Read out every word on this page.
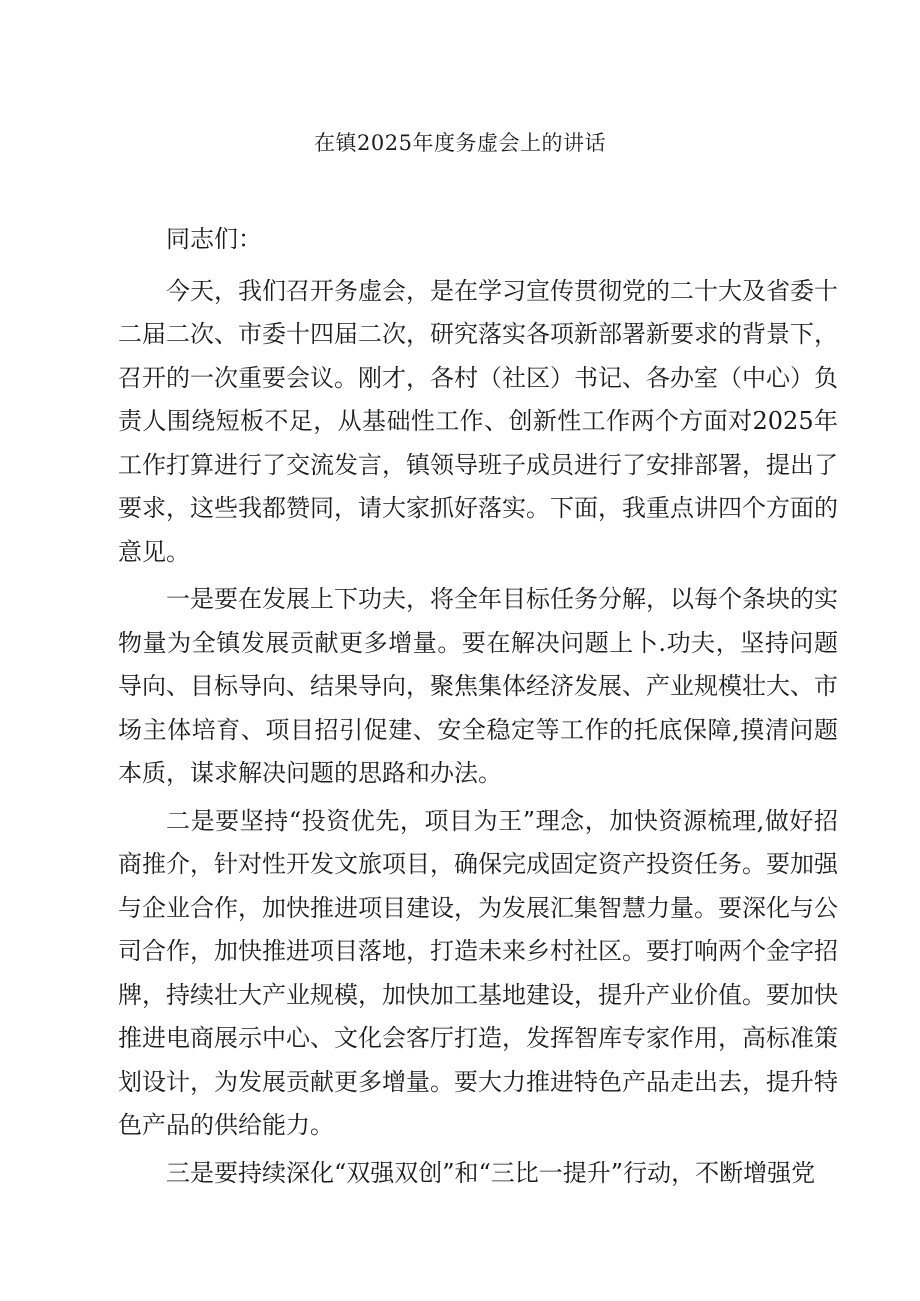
在镇2025年度务虚会上的讲话

同志们：

今天，我们召开务虚会，是在学习宣传贯彻党的二十大及省委十二届二次、市委十四届二次，研究落实各项新部署新要求的背景下，召开的一次重要会议。刚才，各村（社区）书记、各办室（中心）负责人围绕短板不足，从基础性工作、创新性工作两个方面对2025年工作打算进行了交流发言，镇领导班子成员进行了安排部署，提出了要求，这些我都赞同，请大家抓好落实。下面，我重点讲四个方面的意见。

一是要在发展上下功夫，将全年目标任务分解，以每个条块的实物量为全镇发展贡献更多增量。要在解决问题上卜.功夫，坚持问题导向、目标导向、结果导向，聚焦集体经济发展、产业规模壮大、市场主体培育、项目招引促建、安全稳定等工作的托底保障,摸清问题本质，谋求解决问题的思路和办法。

二是要坚持“投资优先，项目为王”理念，加快资源梳理,做好招商推介，针对性开发文旅项目，确保完成固定资产投资任务。要加强与企业合作，加快推进项目建设，为发展汇集智慧力量。要深化与公司合作，加快推进项目落地，打造未来乡村社区。要打响两个金字招牌，持续壮大产业规模，加快加工基地建设，提升产业价值。要加快推进电商展示中心、文化会客厅打造，发挥智库专家作用，高标准策划设计，为发展贡献更多增量。要大力推进特色产品走出去，提升特色产品的供给能力。

三是要持续深化“双强双创”和“三比一提升”行动，不断增强党
